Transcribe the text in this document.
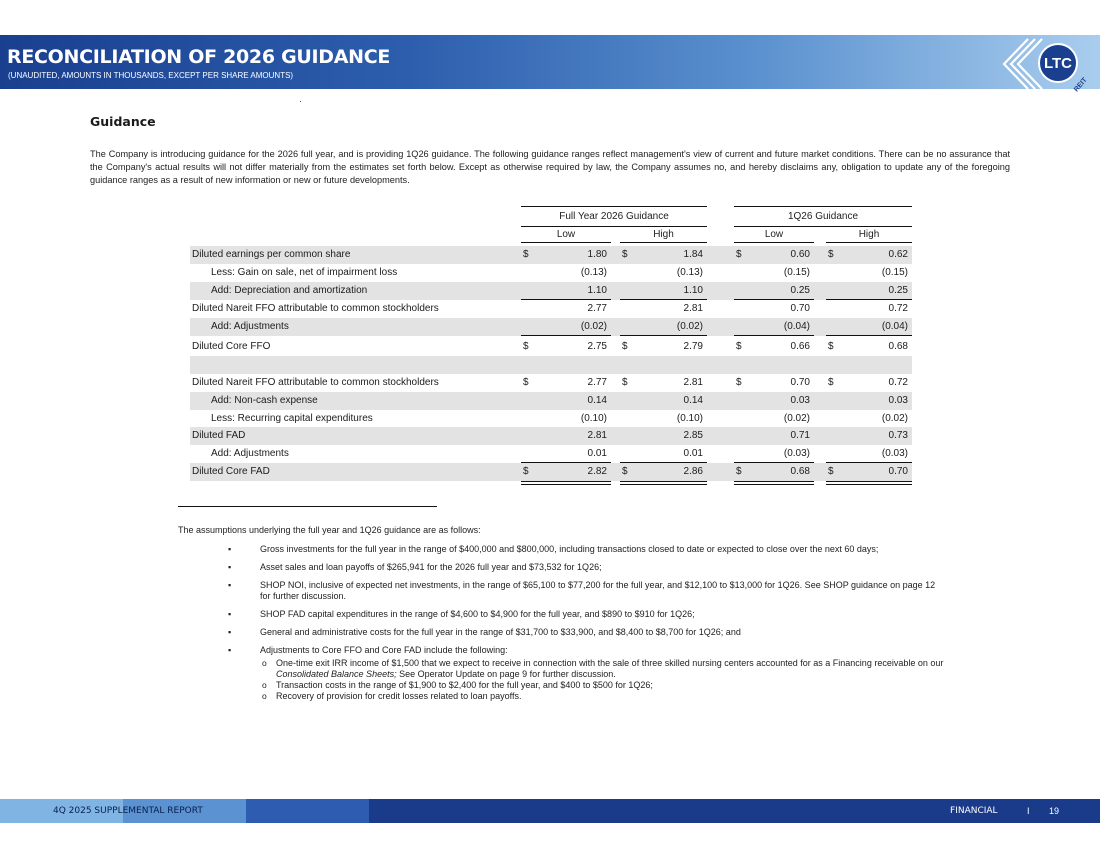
RECONCILIATION OF 2026 GUIDANCE
(UNAUDITED, AMOUNTS IN THOUSANDS, EXCEPT PER SHARE AMOUNTS)
LTC
REIT
Guidance
The Company is introducing guidance for the 2026 full year, and is providing 1Q26 guidance. The following guidance ranges reflect management's view of current and future market conditions. There can be no assurance that the Company's actual results will not differ materially from the estimates set forth below. Except as otherwise required by law, the Company assumes no, and hereby disclaims any, obligation to update any of the foregoing guidance ranges as a result of new information or new or future developments.
Full Year 2026 Guidance	1Q26 Guidance
Low	High	Low	High
Diluted earnings per common share	$	1.80 $	1.84	$	0.60 $	0.62
Less: Gain on sale, net of impairment loss	(0.13)	(0.13)	(0.15)	(0.15)
Add: Depreciation and amortization	1.10	1.10	0.25	0.25
Diluted Nareit FFO attributable to common stockholders	2.77	2.81	0.70	0.72
Add: Adjustments	(0.02)	(0.02)	(0.04)	(0.04)
Diluted Core FFO	$	2.75 $	2.79	$	0.66 $	0.68
Diluted Nareit FFO attributable to common stockholders	$	2.77 $	2.81	$	0.70 $	0.72
Add: Non-cash expense	0.14	0.14	0.03	0.03
Less: Recurring capital expenditures	(0.10)	(0.10)	(0.02)	(0.02)
Diluted FAD	2.81	2.85	0.71	0.73
Add: Adjustments	0.01	0.01	(0.03)	(0.03)
Diluted Core FAD	$	2.82 $	2.86	$	0.68 $	0.70
The assumptions underlying the full year and 1Q26 guidance are as follows:
▪ Gross investments for the full year in the range of $400,000 and $800,000, including transactions closed to date or expected to close over the next 60 days;
▪ Asset sales and loan payoffs of $265,941 for the 2026 full year and $73,532 for 1Q26;
▪ SHOP NOI, inclusive of expected net investments, in the range of $65,100 to $77,200 for the full year, and $12,100 to $13,000 for 1Q26. See SHOP guidance on page 12 for further discussion.
▪ SHOP FAD capital expenditures in the range of $4,600 to $4,900 for the full year, and $890 to $910 for 1Q26;
▪ General and administrative costs for the full year in the range of $31,700 to $33,900, and $8,400 to $8,700 for 1Q26; and
▪ Adjustments to Core FFO and Core FAD include the following:
o One-time exit IRR income of $1,500 that we expect to receive in connection with the sale of three skilled nursing centers accounted for as a Financing receivable on our Consolidated Balance Sheets; See Operator Update on page 9 for further discussion.
o Transaction costs in the range of $1,900 to $2,400 for the full year, and $400 to $500 for 1Q26;
o Recovery of provision for credit losses related to loan payoffs.
4Q 2025 SUPPLEMENTAL REPORT	FINANCIAL	I 19
